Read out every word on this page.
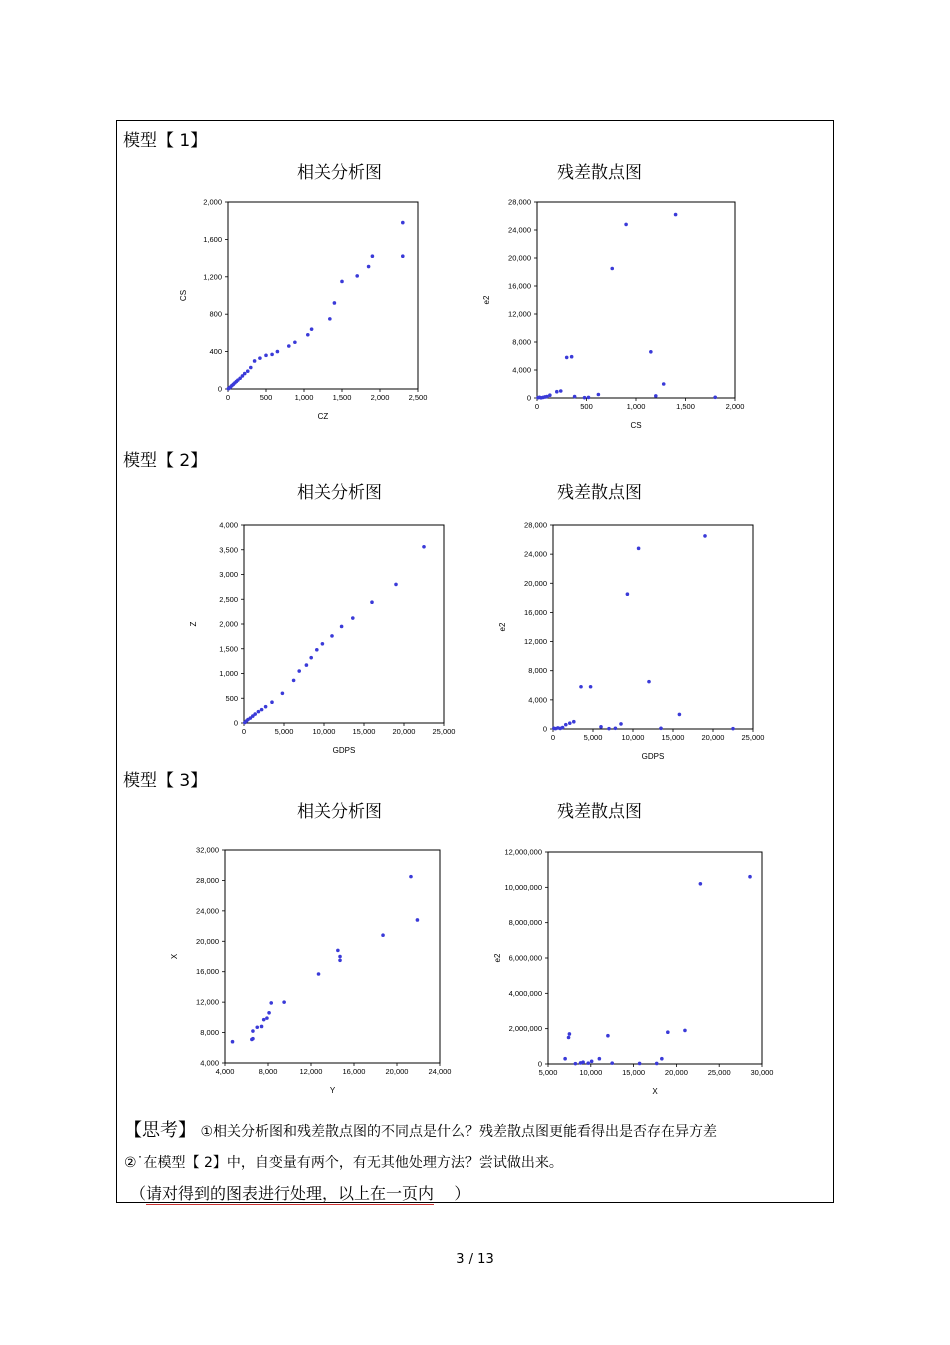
模型【 1】
模型【 2】
模型【 3】
相关分析图	残差散点图
相关分析图	残差散点图
相关分析图	残差散点图
0	500	1,000	1,500	2,000	2,500
0
400
800
1,200
1,600
2,000
CZ
CS
0	500	1,000	1,500	2,000
0
4,000
8,000
12,000
16,000
20,000
24,000
28,000
CS
e2
0	5,000	10,000 15,000 20,000 25,000
0
500
1,000
1,500
2,000
2,500
3,000
3,500
4,000
GDPS
Z
0	5,000	10,000 15,000 20,000 25,000
0
4,000
8,000
12,000
16,000
20,000
24,000
28,000
GDPS
e2
4,000	8,000	12,000	16,000	20,000	24,000
4,000
8,000
12,000
16,000
20,000
24,000
28,000
32,000
Y
X
5,000	10,000	15,000	20,000	25,000	30,000
0
2,000,000
4,000,000
6,000,000
8,000,000
10,000,000
12,000,000
X
e2
【思考】 ①相关分析图和残差散点图的不同点是什么？残差散点图更能看得出是否存在异方差
②˙在模型【 2】中，自变量有两个，有无其他处理方法？尝试做出来。
（请对得到的图表进行处理，以上在一页内 ）
3 / 13
